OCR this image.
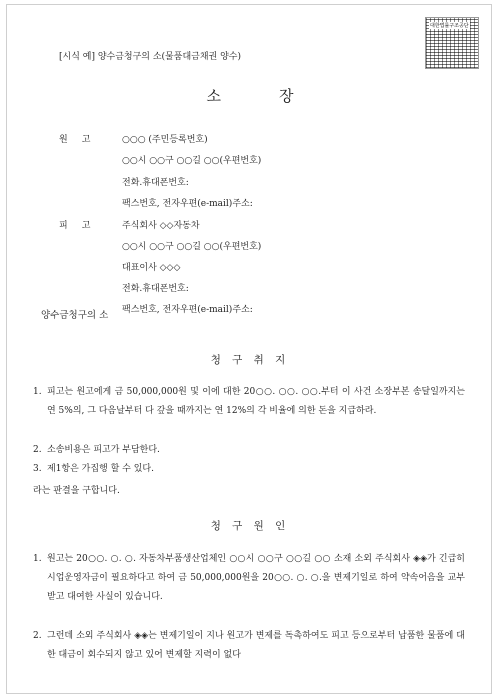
[시식 예] 양수금청구의 소(물품대금채권 양수)
대한법률구조공단
소	장
원 고	○○○ (주민등록번호)
○○시 ○○구 ○○길 ○○(우편번호)
전화.휴대폰번호:
팩스번호, 전자우편(e-mail)주소:
피 고	주식회사 ◇◇자동차
○○시 ○○구 ○○길 ○○(우편번호)
대표이사 ◇◇◇
전화.휴대폰번호:
팩스번호, 전자우편(e-mail)주소:
양수금청구의 소
청 구 취 지
1. 피고는 원고에게 금 50,000,000원 및 이에 대한 20○○. ○○. ○○.부터 이 사건 소장부본 송달일까지는 연 5%의, 그 다음날부터 다 갚을 때까지는 연 12%의 각 비율에 의한 돈을 지급하라.
2. 소송비용은 피고가 부담한다.
3. 제1항은 가집행 할 수 있다.
라는 판결을 구합니다.
청 구 원 인
1. 원고는 20○○. ○. ○. 자동차부품생산업체인 ○○시 ○○구 ○○길 ○○ 소재 소외 주식회사 ◈◈가 긴급히 시업운영자금이 필요하다고 하여 금 50,000,000원을 20○○. ○. ○.을 변제기일로 하여 약속어음을 교부받고 대여한 사실이 있습니다.
2. 그런데 소외 주식회사 ◈◈는 변제기일이 지나 원고가 변제를 독촉하여도 피고 등으로부터 납품한 물품에 대한 대금이 회수되지 않고 있어 변제할 지력이 없다
